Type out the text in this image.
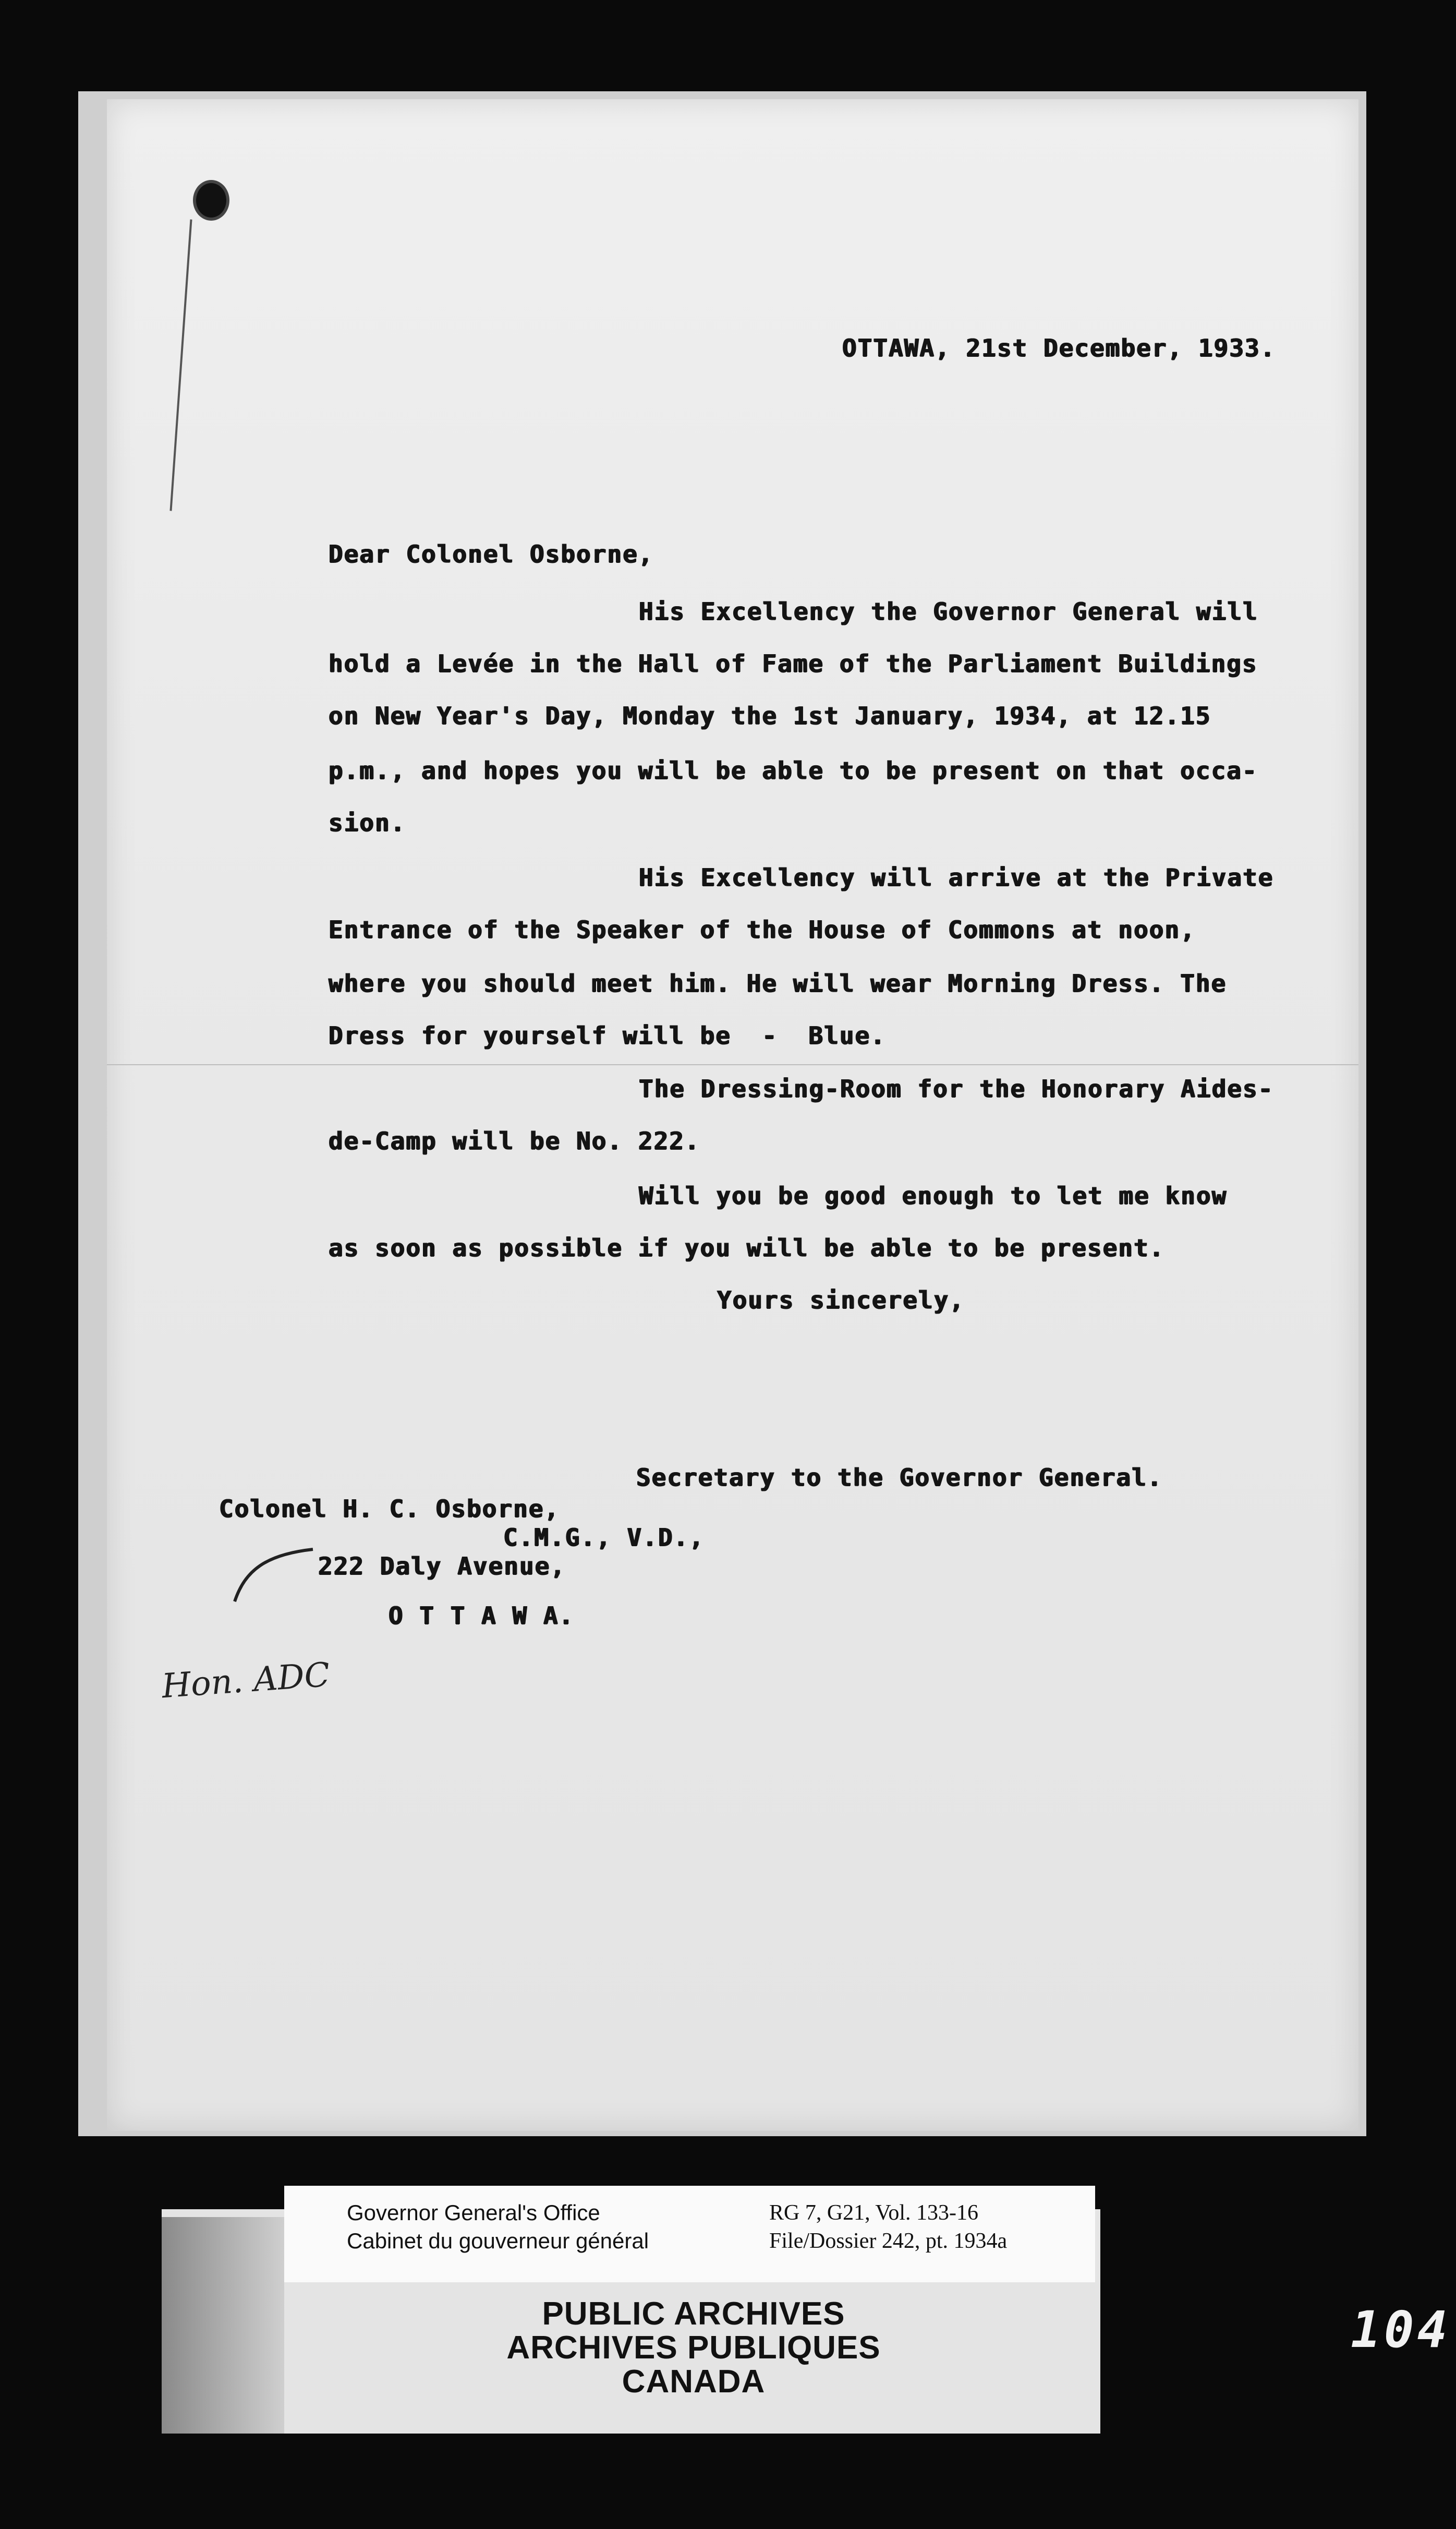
OTTAWA, 21st December, 1933.
Dear Colonel Osborne,
His Excellency the Governor General will
hold a Levée in the Hall of Fame of the Parliament Buildings
on New Year's Day, Monday the 1st January, 1934, at 12.15
p.m., and hopes you will be able to be present on that occa-
sion.
His Excellency will arrive at the Private
Entrance of the Speaker of the House of Commons at noon,
where you should meet him. He will wear Morning Dress. The
Dress for yourself will be  -  Blue.
The Dressing-Room for the Honorary Aides-
de-Camp will be No. 222.
Will you be good enough to let me know
as soon as possible if you will be able to be present.
Yours sincerely,
Secretary to the Governor General.
Colonel H. C. Osborne,
C.M.G., V.D.,
222 Daly Avenue,
O T T A W A.
Hon. ADC
Governor General's Office
Cabinet du gouverneur général
RG 7, G21, Vol. 133-16
File/Dossier 242, pt. 1934a
PUBLIC ARCHIVES
ARCHIVES PUBLIQUES
CANADA
104
